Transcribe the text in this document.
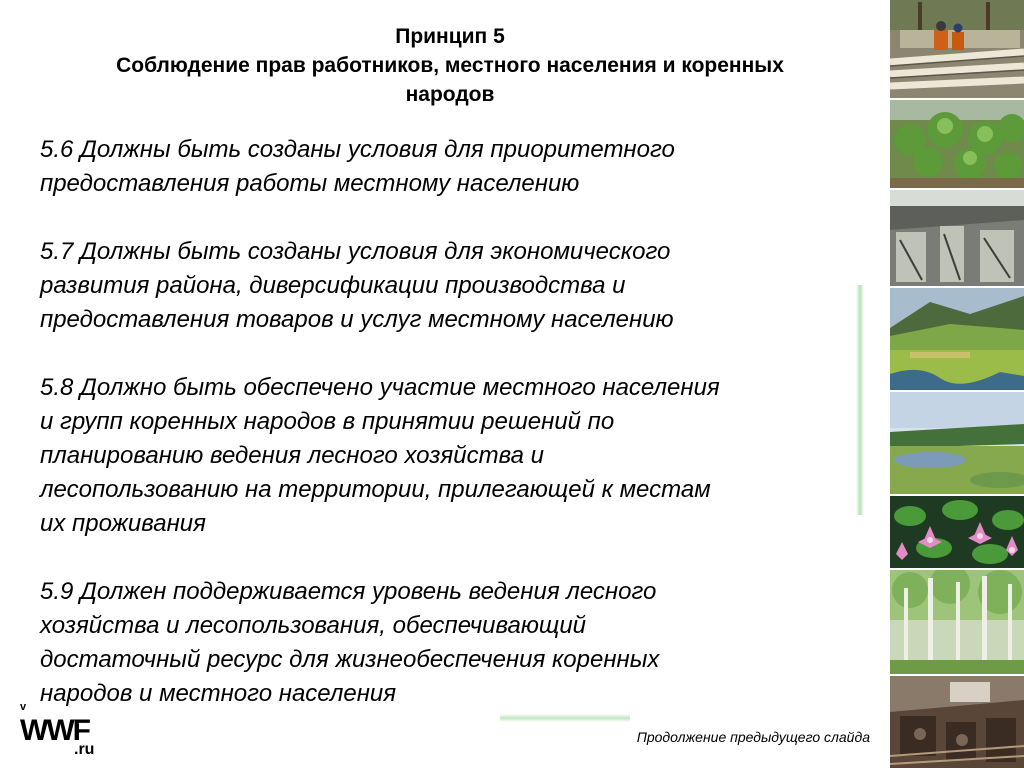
Принцип 5
Соблюдение прав работников, местного населения и коренных
народов

5.6 Должны быть созданы условия для приоритетного
предоставления работы местному населению

5.7 Должны быть созданы условия для экономического
развития района, диверсификации производства и
предоставления товаров и услуг местному населению

5.8 Должно быть обеспечено участие местного населения
и групп коренных народов в принятии решений по
планированию ведения лесного хозяйства и
лесопользованию на территории, прилегающей к местам
их проживания

5.9 Должен поддерживается уровень ведения лесного
хозяйства и лесопользования, обеспечивающий
достаточный ресурс для жизнеобеспечения коренных
народов и местного населения

v
WWF
.ru
Продолжение предыдущего слайда
